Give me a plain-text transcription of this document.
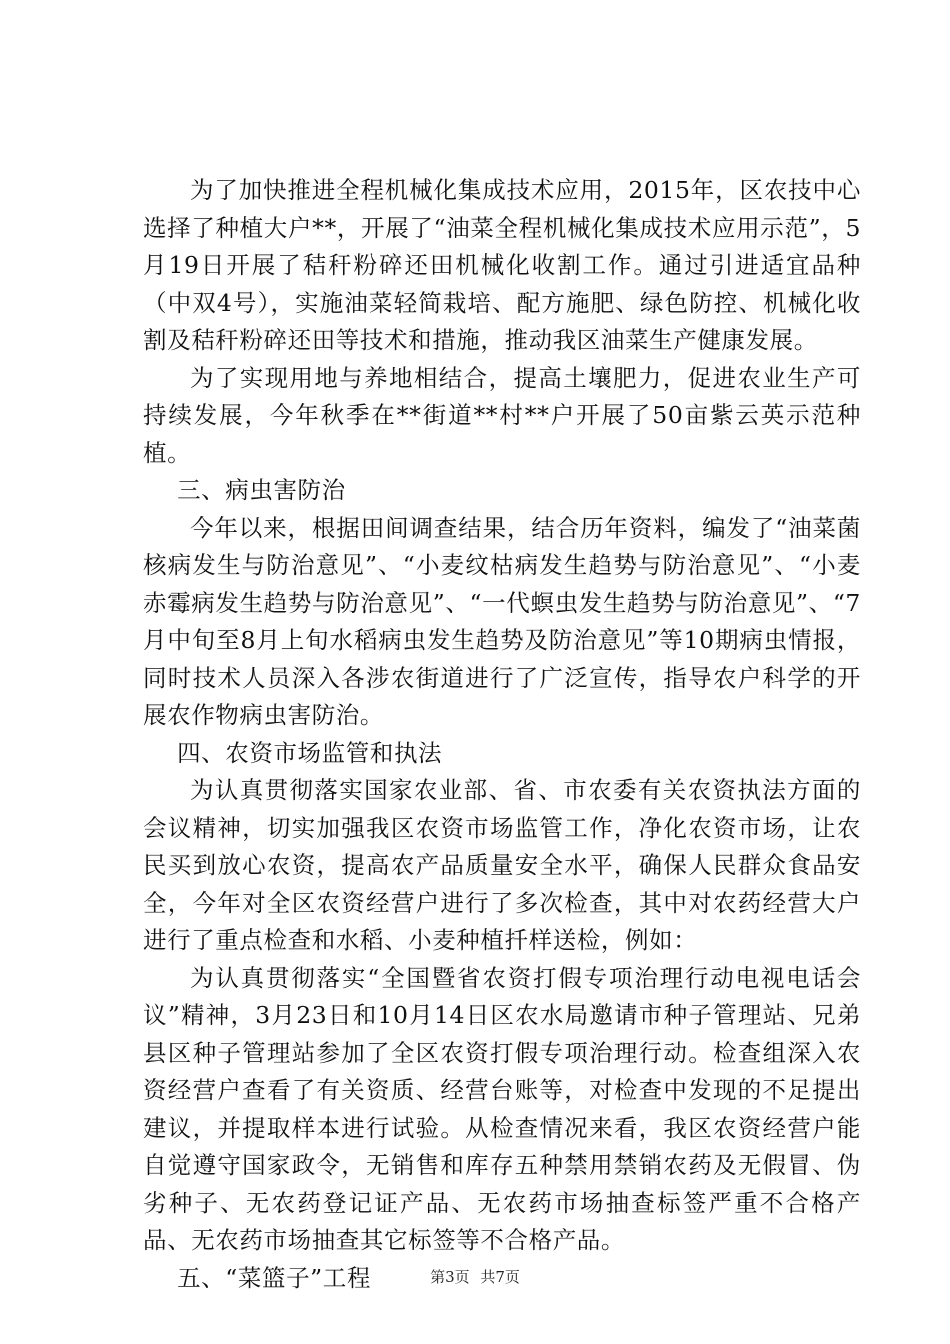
为了加快推进全程机械化集成技术应用，2015年，区农技中心选择了种植大户**，开展了“油菜全程机械化集成技术应用示范”，5月19日开展了秸秆粉碎还田机械化收割工作。通过引进适宜品种（中双4号），实施油菜轻简栽培、配方施肥、绿色防控、机械化收割及秸秆粉碎还田等技术和措施，推动我区油菜生产健康发展。

为了实现用地与养地相结合，提高土壤肥力，促进农业生产可持续发展，今年秋季在**街道**村**户开展了50亩紫云英示范种植。

三、病虫害防治

今年以来，根据田间调查结果，结合历年资料，编发了“油菜菌核病发生与防治意见”、“小麦纹枯病发生趋势与防治意见”、“小麦赤霉病发生趋势与防治意见”、“一代螟虫发生趋势与防治意见”、“7月中旬至8月上旬水稻病虫发生趋势及防治意见”等10期病虫情报，同时技术人员深入各涉农街道进行了广泛宣传，指导农户科学的开展农作物病虫害防治。

四、农资市场监管和执法

为认真贯彻落实国家农业部、省、市农委有关农资执法方面的会议精神，切实加强我区农资市场监管工作，净化农资市场，让农民买到放心农资，提高农产品质量安全水平，确保人民群众食品安全，今年对全区农资经营户进行了多次检查，其中对农药经营大户进行了重点检查和水稻、小麦种植扦样送检，例如：

为认真贯彻落实“全国暨省农资打假专项治理行动电视电话会议”精神，3月23日和10月14日区农水局邀请市种子管理站、兄弟县区种子管理站参加了全区农资打假专项治理行动。检查组深入农资经营户查看了有关资质、经营台账等，对检查中发现的不足提出建议，并提取样本进行试验。从检查情况来看，我区农资经营户能自觉遵守国家政令，无销售和库存五种禁用禁销农药及无假冒、伪劣种子、无农药登记证产品、无农药市场抽查标签严重不合格产品、无农药市场抽查其它标签等不合格产品。

五、“菜篮子”工程	第3页 共7页
